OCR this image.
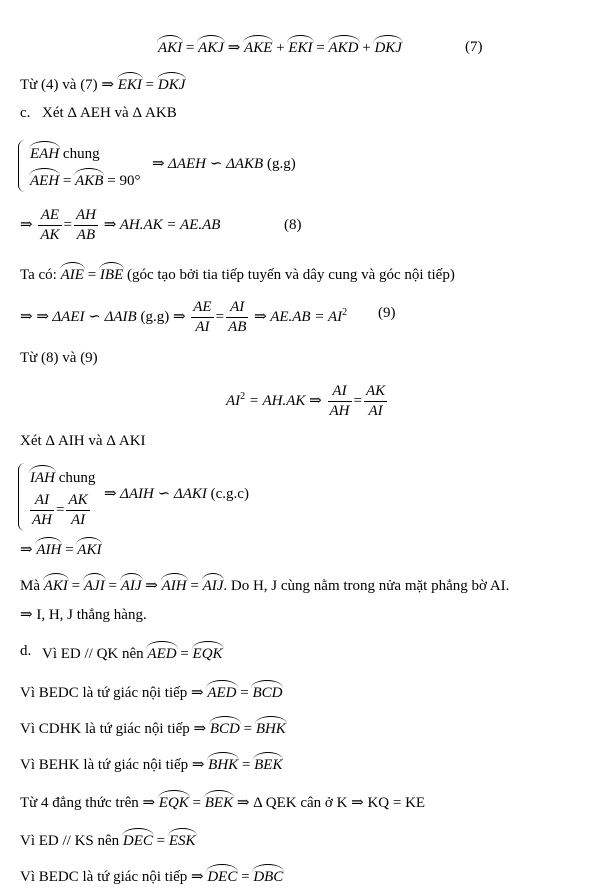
AKI = AKJ ⇒ AKE + EKI = AKD + DKJ	(7)
Từ (4) và (7) ⇒ EKI = DKJ
c. Xét Δ AEH và Δ AKB
EAH chung
AEH = AKB = 90°
⇒ ΔAEH ∽ ΔAKB (g.g)
⇒ $\frac{AE}{AK} = \frac{AH}{AB}$ ⇒ AH.AK = AE.AB	(8)
Ta có: AIE = IBE (góc tạo bởi tia tiếp tuyến và dây cung và góc nội tiếp)
⇒ ⇒ ΔAEI ∽ ΔAIB (g.g) ⇒ $\frac{AE}{AI} = \frac{AI}{AB}$ ⇒ $AE.AB = AI^2$ (9)
Từ (8) và (9)
$AI^2 = AH.AK$ ⇒ $\frac{AI}{AH} = \frac{AK}{AI}$
Xét Δ AIH và Δ AKI
IAH chung
$\frac{AI}{AH} = \frac{AK}{AI}$ ⇒ ΔAIH ∽ ΔAKI (c.g.c)
⇒ AIH = AKI
Mà AKI = AJI = AIJ ⇒ AIH = AIJ. Do H, J cùng nằm trong nửa mặt phẳng bờ AI.
⇒ I, H, J thẳng hàng.
d. Vì ED // QK nên AED = EQK
Vì BEDC là tứ giác nội tiếp ⇒ AED = BCD
Vì CDHK là tứ giác nội tiếp ⇒ BCD = BHK
Vì BEHK là tứ giác nội tiếp ⇒ BHK = BEK
Từ 4 đẳng thức trên ⇒ EQK = BEK ⇒ Δ QEK cân ở K ⇒ KQ = KE
Vì ED // KS nên DEC = ESK
Vì BEDC là tứ giác nội tiếp ⇒ DEC = DBC
